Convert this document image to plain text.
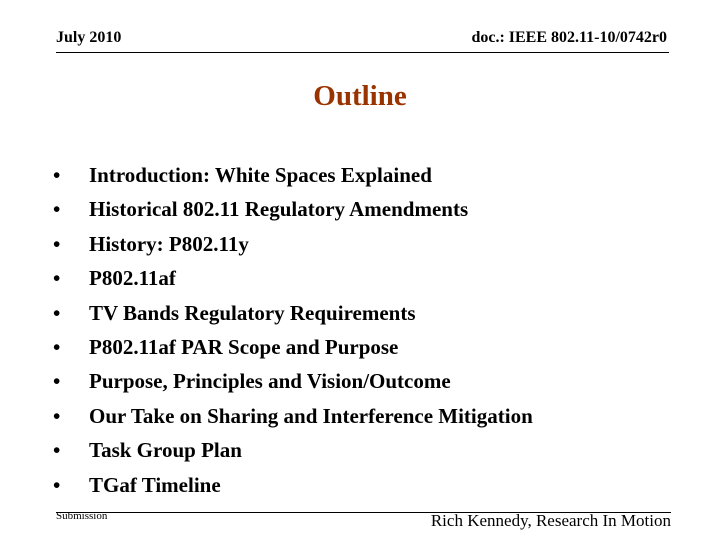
July 2010	doc.: IEEE 802.11-10/0742r0
Outline
• Introduction: White Spaces Explained
• Historical 802.11 Regulatory Amendments
• History: P802.11y
• P802.11af
• TV Bands Regulatory Requirements
• P802.11af PAR Scope and Purpose
• Purpose, Principles and Vision/Outcome
• Our Take on Sharing and Interference Mitigation
• Task Group Plan
• TGaf Timeline
Submission	Rich Kennedy, Research In Motion
